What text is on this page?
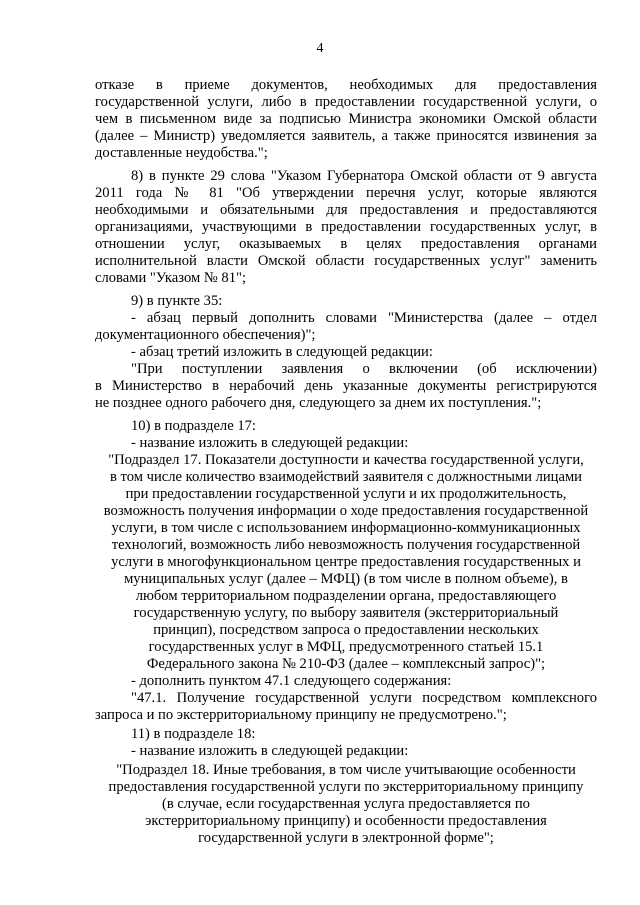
4
отказе в приеме документов, необходимых для предоставления
государственной услуги, либо в предоставлении государственной услуги, о
чем в письменном виде за подписью Министра экономики Омской области
(далее – Министр) уведомляется заявитель, а также приносятся извинения за
доставленные неудобства.";
8) в пункте 29 слова "Указом Губернатора Омской области от 9 августа
2011 года № 81 "Об утверждении перечня услуг, которые являются
необходимыми и обязательными для предоставления и предоставляются
организациями, участвующими в предоставлении государственных услуг, в
отношении услуг, оказываемых в целях предоставления органами
исполнительной власти Омской области государственных услуг" заменить
словами "Указом № 81";
9) в пункте 35:
- абзац первый дополнить словами "Министерства (далее – отдел
документационного обеспечения)";
- абзац третий изложить в следующей редакции:
"При поступлении заявления о включении (об исключении)
в Министерство в нерабочий день указанные документы регистрируются
не позднее одного рабочего дня, следующего за днем их поступления.";
10) в подразделе 17:
- название изложить в следующей редакции:
"Подраздел 17. Показатели доступности и качества государственной услуги,
в том числе количество взаимодействий заявителя с должностными лицами
при предоставлении государственной услуги и их продолжительность,
возможность получения информации о ходе предоставления государственной
услуги, в том числе с использованием информационно-коммуникационных
технологий, возможность либо невозможность получения государственной
услуги в многофункциональном центре предоставления государственных и
муниципальных услуг (далее – МФЦ) (в том числе в полном объеме), в
любом территориальном подразделении органа, предоставляющего
государственную услугу, по выбору заявителя (экстерриториальный
принцип), посредством запроса о предоставлении нескольких
государственных услуг в МФЦ, предусмотренного статьей 15.1
Федерального закона № 210-ФЗ (далее – комплексный запрос)";
- дополнить пунктом 47.1 следующего содержания:
"47.1. Получение государственной услуги посредством комплексного
запроса и по экстерриториальному принципу не предусмотрено.";
11) в подразделе 18:
- название изложить в следующей редакции:
"Подраздел 18. Иные требования, в том числе учитывающие особенности
предоставления государственной услуги по экстерриториальному принципу
(в случае, если государственная услуга предоставляется по
экстерриториальному принципу) и особенности предоставления
государственной услуги в электронной форме";
